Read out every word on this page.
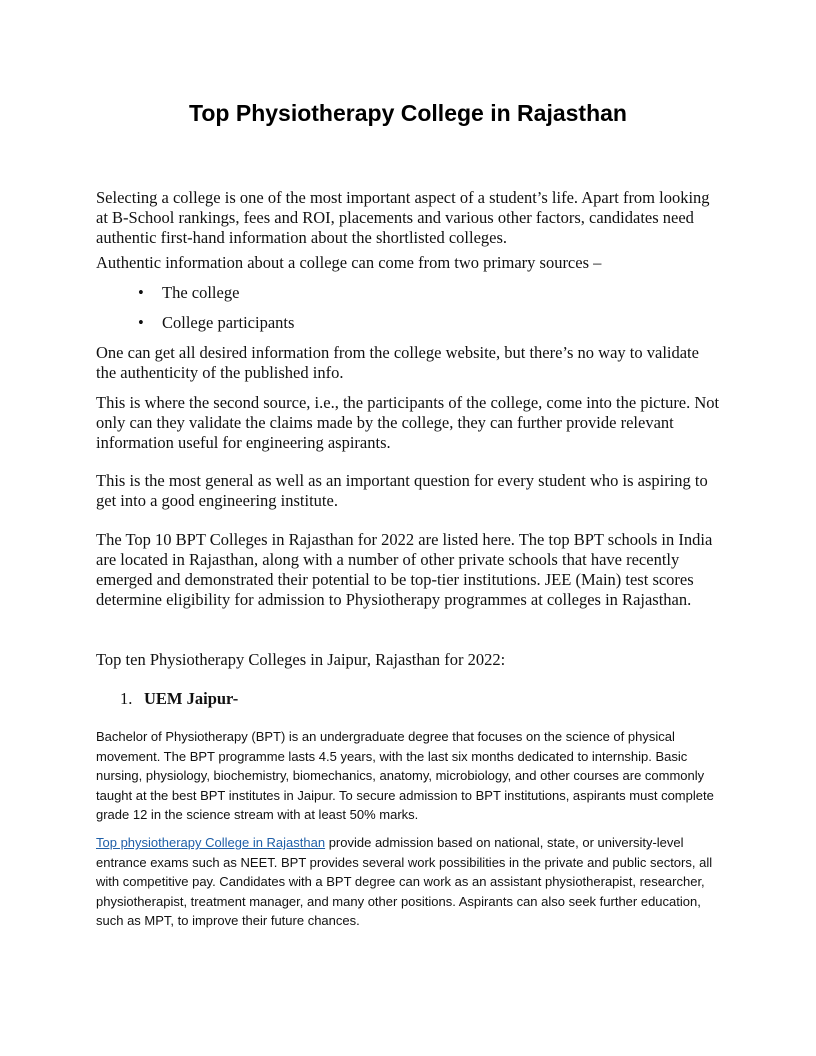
Top Physiotherapy College in Rajasthan

Selecting a college is one of the most important aspect of a student’s life. Apart from looking at B-School rankings, fees and ROI, placements and various other factors, candidates need authentic first-hand information about the shortlisted colleges.

Authentic information about a college can come from two primary sources –

• The college
• College participants

One can get all desired information from the college website, but there’s no way to validate the authenticity of the published info.

This is where the second source, i.e., the participants of the college, come into the picture. Not only can they validate the claims made by the college, they can further provide relevant information useful for engineering aspirants.

This is the most general as well as an important question for every student who is aspiring to get into a good engineering institute.

The Top 10 BPT Colleges in Rajasthan for 2022 are listed here. The top BPT schools in India are located in Rajasthan, along with a number of other private schools that have recently emerged and demonstrated their potential to be top-tier institutions. JEE (Main) test scores determine eligibility for admission to Physiotherapy programmes at colleges in Rajasthan.

Top ten Physiotherapy Colleges in Jaipur, Rajasthan for 2022:

1. UEM Jaipur-

Bachelor of Physiotherapy (BPT) is an undergraduate degree that focuses on the science of physical movement. The BPT programme lasts 4.5 years, with the last six months dedicated to internship. Basic nursing, physiology, biochemistry, biomechanics, anatomy, microbiology, and other courses are commonly taught at the best BPT institutes in Jaipur. To secure admission to BPT institutions, aspirants must complete grade 12 in the science stream with at least 50% marks.

Top physiotherapy College in Rajasthan provide admission based on national, state, or university-level entrance exams such as NEET. BPT provides several work possibilities in the private and public sectors, all with competitive pay. Candidates with a BPT degree can work as an assistant physiotherapist, researcher, physiotherapist, treatment manager, and many other positions. Aspirants can also seek further education, such as MPT, to improve their future chances.
